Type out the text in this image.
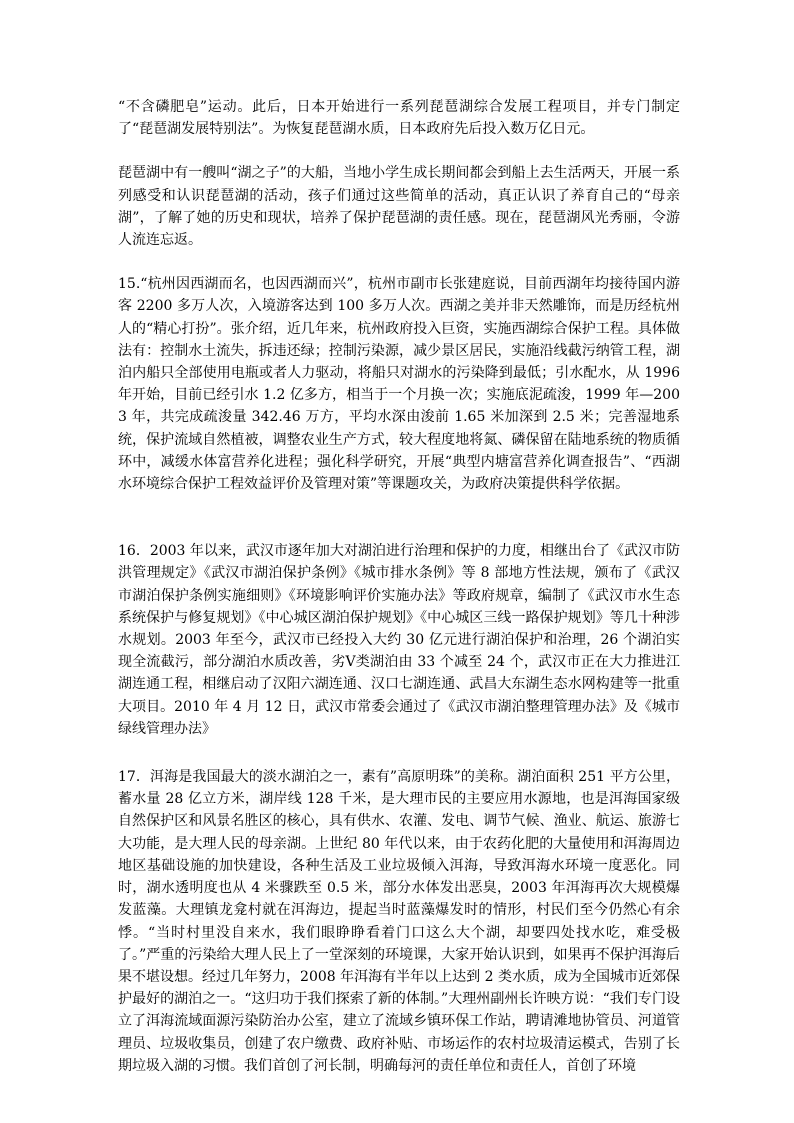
“不含磷肥皂”运动。此后，日本开始进行一系列琵琶湖综合发展工程项目，并专门制定了“琵琶湖发展特别法”。为恢复琵琶湖水质，日本政府先后投入数万亿日元。

琵琶湖中有一艘叫“湖之子”的大船，当地小学生成长期间都会到船上去生活两天，开展一系列感受和认识琵琶湖的活动，孩子们通过这些简单的活动，真正认识了养育自己的“母亲湖”，了解了她的历史和现状，培养了保护琵琶湖的责任感。现在，琵琶湖风光秀丽，令游人流连忘返。

15.“杭州因西湖而名，也因西湖而兴”，杭州市副市长张建庭说，目前西湖年均接待国内游客 2200 多万人次，入境游客达到 100 多万人次。西湖之美并非天然雕饰，而是历经杭州人的“精心打扮”。张介绍，近几年来，杭州政府投入巨资，实施西湖综合保护工程。具体做法有：控制水土流失，拆违还绿；控制污染源，减少景区居民，实施沿线截污纳管工程，湖泊内船只全部使用电瓶或者人力驱动，将船只对湖水的污染降到最低；引水配水，从 1996 年开始，目前已经引水 1.2 亿多方，相当于一个月换一次；实施底泥疏浚，1999 年—2003 年，共完成疏浚量 342.46 万方，平均水深由浚前 1.65 米加深到 2.5 米；完善湿地系统，保护流域自然植被，调整农业生产方式，较大程度地将氮、磷保留在陆地系统的物质循环中，减缓水体富营养化进程；强化科学研究，开展“典型内塘富营养化调查报告”、“西湖水环境综合保护工程效益评价及管理对策”等课题攻关，为政府决策提供科学依据。

16．2003 年以来，武汉市逐年加大对湖泊进行治理和保护的力度，相继出台了《武汉市防洪管理规定》《武汉市湖泊保护条例》《城市排水条例》等 8 部地方性法规，颁布了《武汉市湖泊保护条例实施细则》《环境影响评价实施办法》等政府规章，编制了《武汉市水生态系统保护与修复规划》《中心城区湖泊保护规划》《中心城区三线一路保护规划》等几十种涉水规划。2003 年至今，武汉市已经投入大约 30 亿元进行湖泊保护和治理，26 个湖泊实现全流截污，部分湖泊水质改善，劣Ⅴ类湖泊由 33 个减至 24 个，武汉市正在大力推进江湖连通工程，相继启动了汉阳六湖连通、汉口七湖连通、武昌大东湖生态水网构建等一批重大项目。2010 年 4 月 12 日，武汉市常委会通过了《武汉市湖泊整理管理办法》及《城市绿线管理办法》

17．洱海是我国最大的淡水湖泊之一，素有”高原明珠”的美称。湖泊面积 251 平方公里，蓄水量 28 亿立方米，湖岸线 128 千米，是大理市民的主要应用水源地，也是洱海国家级自然保护区和风景名胜区的核心，具有供水、农灌、发电、调节气候、渔业、航运、旅游七大功能，是大理人民的母亲湖。上世纪 80 年代以来，由于农药化肥的大量使用和洱海周边地区基础设施的加快建设，各种生活及工业垃圾倾入洱海，导致洱海水环境一度恶化。同时，湖水透明度也从 4 米骤跌至 0.5 米，部分水体发出恶臭，2003 年洱海再次大规模爆发蓝藻。大理镇龙龛村就在洱海边，提起当时蓝藻爆发时的情形，村民们至今仍然心有余悸。“当时村里没自来水，我们眼睁睁看着门口这么大个湖，却要四处找水吃，难受极了。”严重的污染给大理人民上了一堂深刻的环境课，大家开始认识到，如果再不保护洱海后果不堪设想。经过几年努力，2008 年洱海有半年以上达到 2 类水质，成为全国城市近郊保护最好的湖泊之一。“这归功于我们探索了新的体制。”大理州副州长许映方说：“我们专门设立了洱海流域面源污染防治办公室，建立了流域乡镇环保工作站，聘请滩地协管员、河道管理员、垃圾收集员，创建了农户缴费、政府补贴、市场运作的农村垃圾清运模式，告别了长期垃圾入湖的习惯。我们首创了河长制，明确每河的责任单位和责任人，首创了环境
